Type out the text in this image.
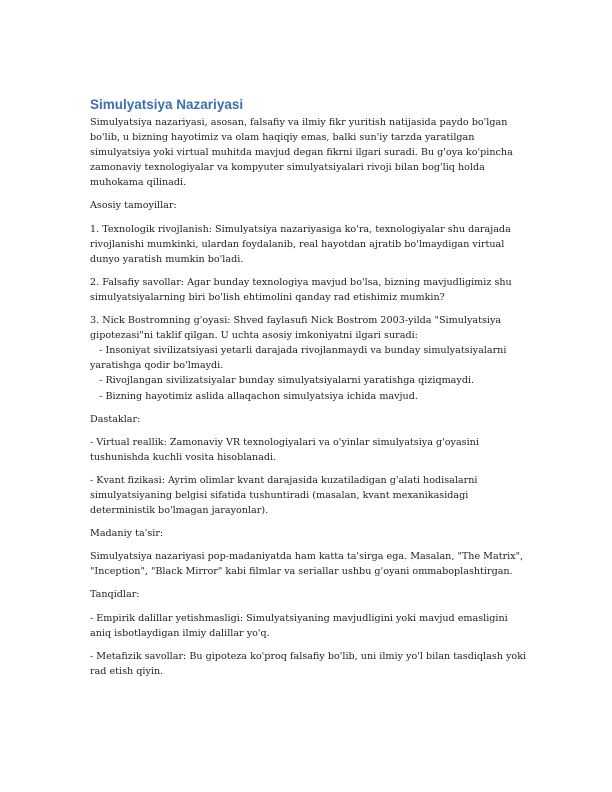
Simulyatsiya Nazariyasi

Simulyatsiya nazariyasi, asosan, falsafiy va ilmiy fikr yuritish natijasida paydo bo'lgan bo'lib, u bizning hayotimiz va olam haqiqiy emas, balki sun'iy tarzda yaratilgan simulyatsiya yoki virtual muhitda mavjud degan fikrni ilgari suradi. Bu g'oya ko'pincha zamonaviy texnologiyalar va kompyuter simulyatsiyalari rivoji bilan bog'liq holda muhokama qilinadi.

Asosiy tamoyillar:

1. Texnologik rivojlanish: Simulyatsiya nazariyasiga ko'ra, texnologiyalar shu darajada rivojlanishi mumkinki, ulardan foydalanib, real hayotdan ajratib bo'lmaydigan virtual dunyo yaratish mumkin bo'ladi.

2. Falsafiy savollar: Agar bunday texnologiya mavjud bo'lsa, bizning mavjudligimiz shu simulyatsiyalarning biri bo'lish ehtimolini qanday rad etishimiz mumkin?

3. Nick Bostromning g'oyasi: Shved faylasufi Nick Bostrom 2003-yilda "Simulyatsiya gipotezasi"ni taklif qilgan. U uchta asosiy imkoniyatni ilgari suradi:

- Insoniyat sivilizatsiyasi yetarli darajada rivojlanmaydi va bunday simulyatsiyalarni yaratishga qodir bo'lmaydi.

- Rivojlangan sivilizatsiyalar bunday simulyatsiyalarni yaratishga qiziqmaydi.

- Bizning hayotimiz aslida allaqachon simulyatsiya ichida mavjud.

Dastaklar:

- Virtual reallik: Zamonaviy VR texnologiyalari va o'yinlar simulyatsiya g'oyasini tushunishda kuchli vosita hisoblanadi.

- Kvant fizikasi: Ayrim olimlar kvant darajasida kuzatiladigan g'alati hodisalarni simulyatsiyaning belgisi sifatida tushuntiradi (masalan, kvant mexanikasidagi deterministik bo'lmagan jarayonlar).

Madaniy ta'sir:

Simulyatsiya nazariyasi pop-madaniyatda ham katta ta'sirga ega. Masalan, "The Matrix", "Inception", "Black Mirror" kabi filmlar va seriallar ushbu g'oyani ommaboplashtirgan.

Tanqidlar:

- Empirik dalillar yetishmasligi: Simulyatsiyaning mavjudligini yoki mavjud emasligini aniq isbotlaydigan ilmiy dalillar yo'q.

- Metafizik savollar: Bu gipoteza ko'proq falsafiy bo'lib, uni ilmiy yo'l bilan tasdiqlash yoki rad etish qiyin.
